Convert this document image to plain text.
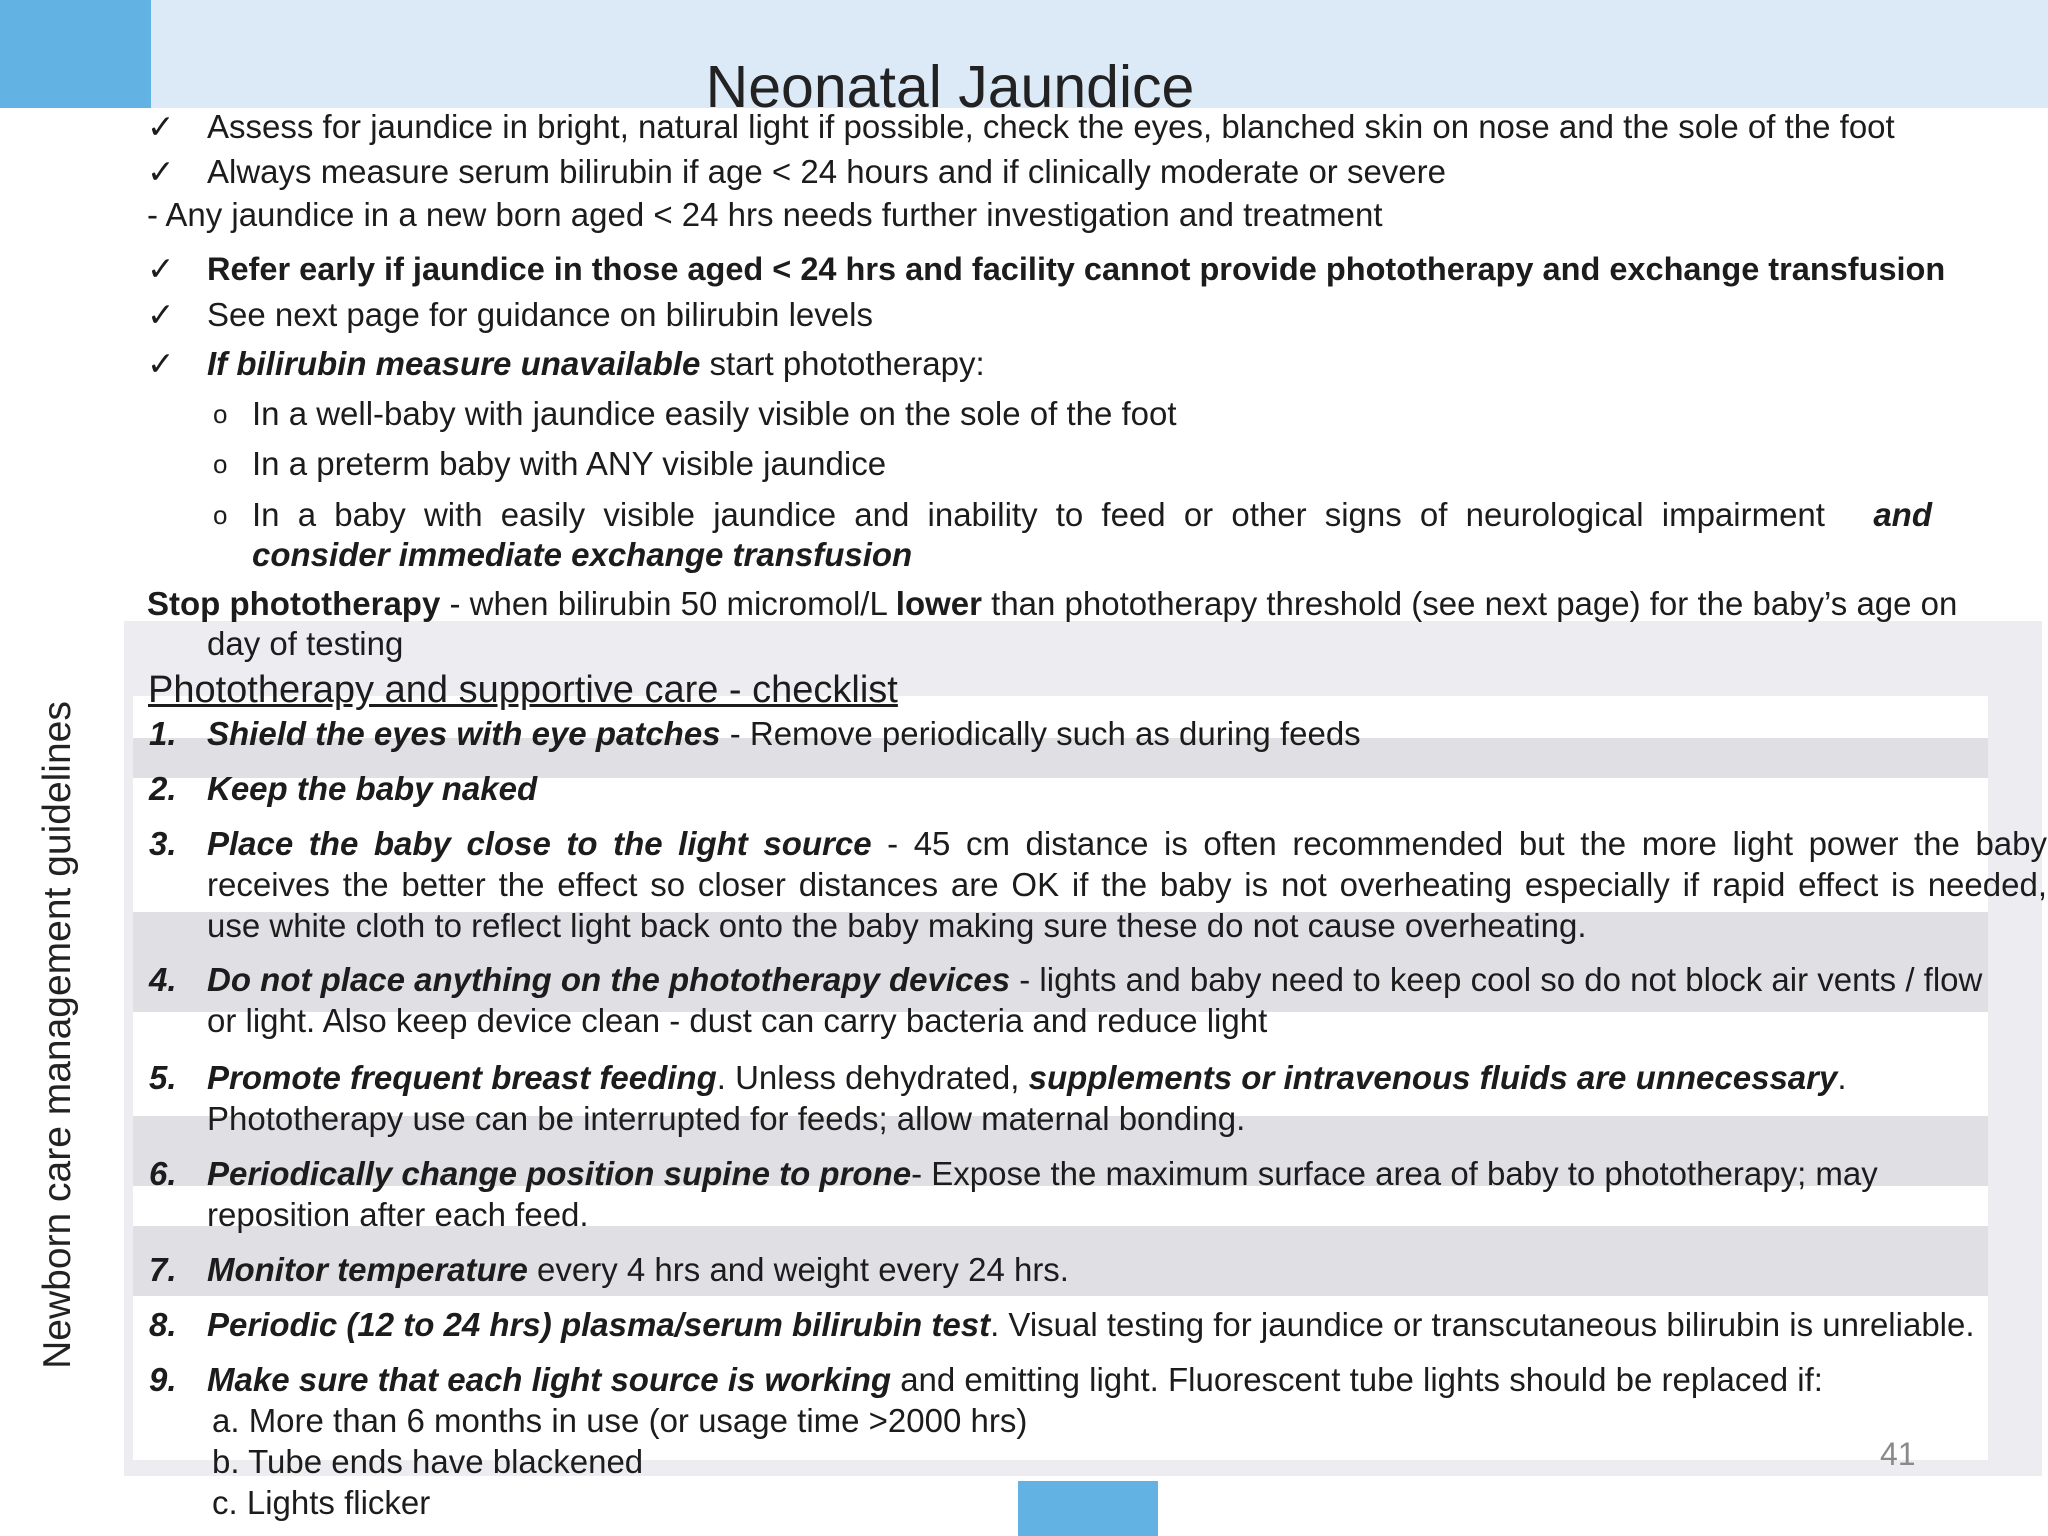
Neonatal Jaundice
Newborn care management guidelines
✓ Assess for jaundice in bright, natural light if possible, check the eyes, blanched skin on nose and the sole of the foot
✓ Always measure serum bilirubin if age < 24 hours and if clinically moderate or severe
- Any jaundice in a new born aged < 24 hrs needs further investigation and treatment
✓ Refer early if jaundice in those aged < 24 hrs and facility cannot provide phototherapy and exchange transfusion
✓ See next page for guidance on bilirubin levels
✓ If bilirubin measure unavailable start phototherapy:
o In a well-baby with jaundice easily visible on the sole of the foot
o In a preterm baby with ANY visible jaundice
o In a baby with easily visible jaundice and inability to feed or other signs of neurological impairment and
consider immediate exchange transfusion
Stop phototherapy - when bilirubin 50 micromol/L lower than phototherapy threshold (see next page) for the baby’s age on
day of testing
Phototherapy and supportive care - checklist
1. Shield the eyes with eye patches - Remove periodically such as during feeds
2. Keep the baby naked
3. Place the baby close to the light source - 45 cm distance is often recommended but the more light power the baby
receives the better the effect so closer distances are OK if the baby is not overheating especially if rapid effect is needed,
use white cloth to reflect light back onto the baby making sure these do not cause overheating.
4. Do not place anything on the phototherapy devices - lights and baby need to keep cool so do not block air vents / flow
or light. Also keep device clean - dust can carry bacteria and reduce light
5. Promote frequent breast feeding. Unless dehydrated, supplements or intravenous fluids are unnecessary.
Phototherapy use can be interrupted for feeds; allow maternal bonding.
6. Periodically change position supine to prone- Expose the maximum surface area of baby to phototherapy; may
reposition after each feed.
7. Monitor temperature every 4 hrs and weight every 24 hrs.
8. Periodic (12 to 24 hrs) plasma/serum bilirubin test. Visual testing for jaundice or transcutaneous bilirubin is unreliable.
9. Make sure that each light source is working and emitting light. Fluorescent tube lights should be replaced if:
a. More than 6 months in use (or usage time >2000 hrs)
b. Tube ends have blackened
c. Lights flicker
41
